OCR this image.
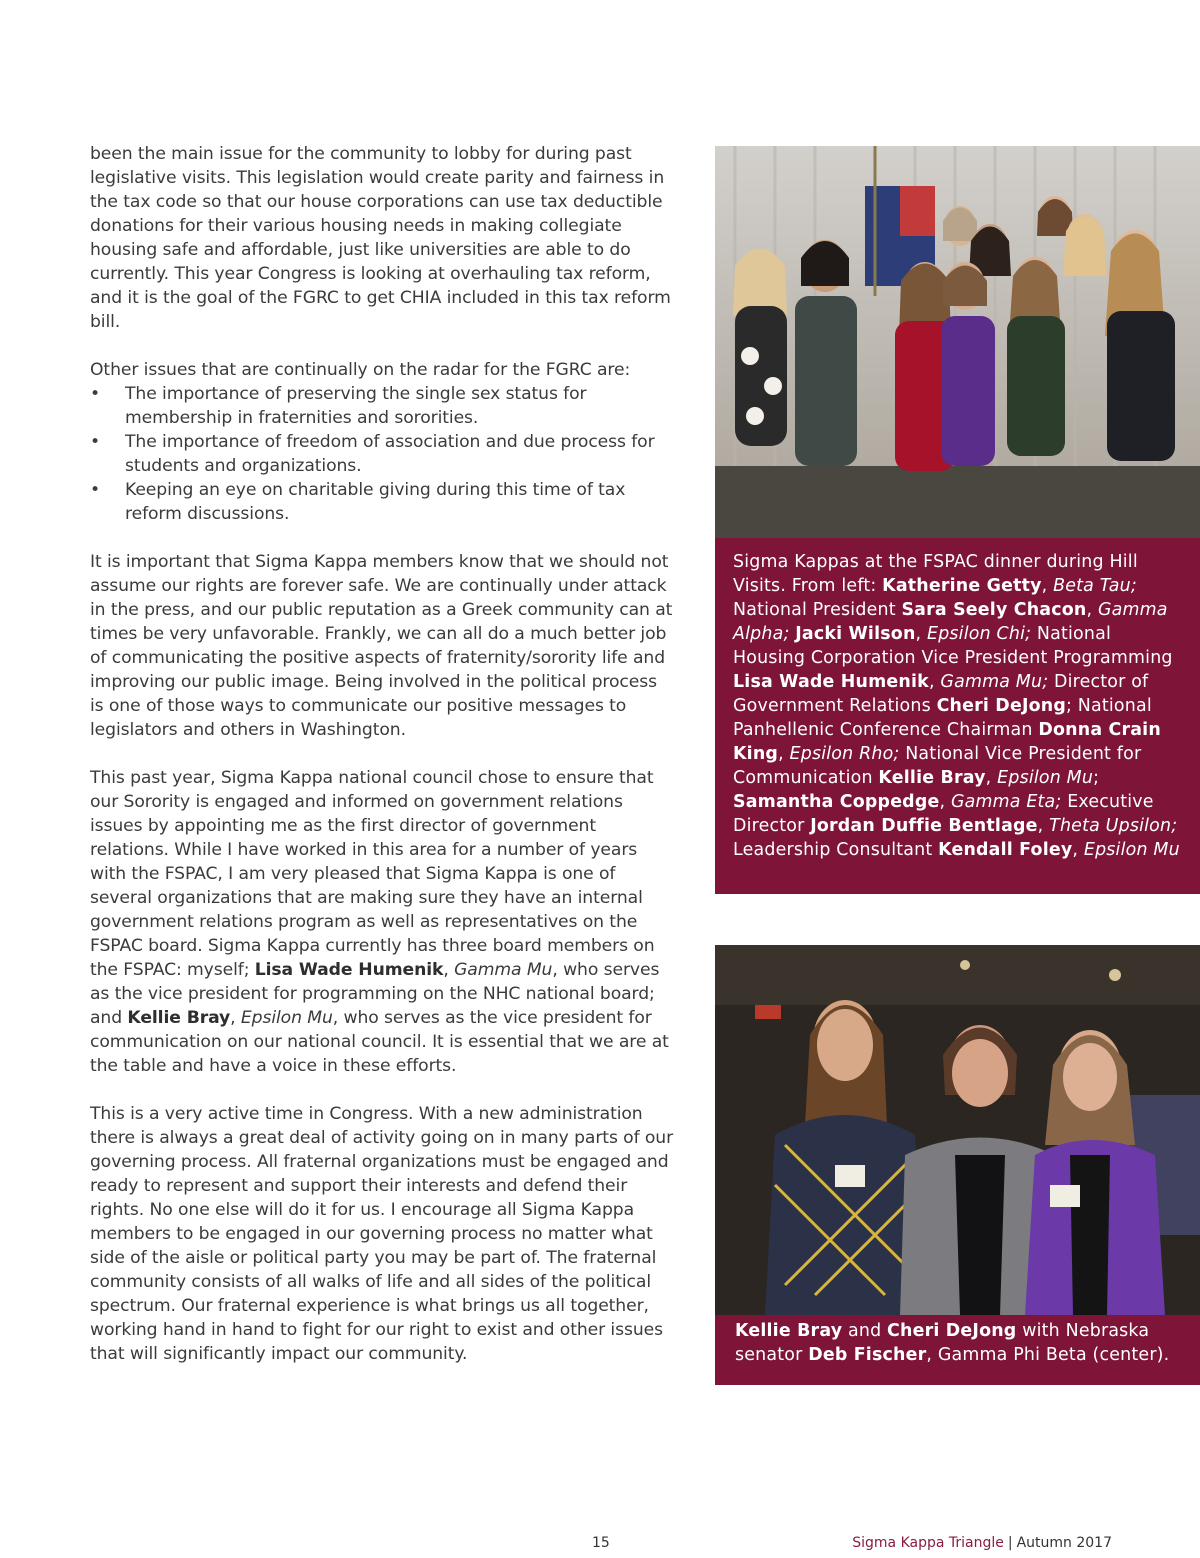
been the main issue for the community to lobby for during past legislative visits. This legislation would create parity and fairness in the tax code so that our house corporations can use tax deductible donations for their various housing needs in making collegiate housing safe and affordable, just like universities are able to do currently. This year Congress is looking at overhauling tax reform, and it is the goal of the FGRC to get CHIA included in this tax reform bill.

Other issues that are continually on the radar for the FGRC are:

• The importance of preserving the single sex status for membership in fraternities and sororities.
• The importance of freedom of association and due process for students and organizations.
• Keeping an eye on charitable giving during this time of tax reform discussions.

It is important that Sigma Kappa members know that we should not assume our rights are forever safe. We are continually under attack in the press, and our public reputation as a Greek community can at times be very unfavorable. Frankly, we can all do a much better job of communicating the positive aspects of fraternity/sorority life and improving our public image. Being involved in the political process is one of those ways to communicate our positive messages to legislators and others in Washington.

This past year, Sigma Kappa national council chose to ensure that our Sorority is engaged and informed on government relations issues by appointing me as the first director of government relations. While I have worked in this area for a number of years with the FSPAC, I am very pleased that Sigma Kappa is one of several organizations that are making sure they have an internal government relations program as well as representatives on the FSPAC board. Sigma Kappa currently has three board members on the FSPAC: myself; Lisa Wade Humenik, Gamma Mu, who serves as the vice president for programming on the NHC national board; and Kellie Bray, Epsilon Mu, who serves as the vice president for communication on our national council. It is essential that we are at the table and have a voice in these efforts.

This is a very active time in Congress. With a new administration there is always a great deal of activity going on in many parts of our governing process. All fraternal organizations must be engaged and ready to represent and support their interests and defend their rights. No one else will do it for us. I encourage all Sigma Kappa members to be engaged in our governing process no matter what side of the aisle or political party you may be part of. The fraternal community consists of all walks of life and all sides of the political spectrum. Our fraternal experience is what brings us all together, working hand in hand to fight for our right to exist and other issues that will significantly impact our community.

Sigma Kappas at the FSPAC dinner during Hill Visits. From left: Katherine Getty, Beta Tau; National President Sara Seely Chacon, Gamma Alpha; Jacki Wilson, Epsilon Chi; National Housing Corporation Vice President Programming Lisa Wade Humenik, Gamma Mu; Director of Government Relations Cheri DeJong; National Panhellenic Conference Chairman Donna Crain King, Epsilon Rho; National Vice President for Communication Kellie Bray, Epsilon Mu; Samantha Coppedge, Gamma Eta; Executive Director Jordan Duffie Bentlage, Theta Upsilon; Leadership Consultant Kendall Foley, Epsilon Mu
Kellie Bray and Cheri DeJong with Nebraska senator Deb Fischer, Gamma Phi Beta (center).
15	Sigma Kappa Triangle | Autumn 2017
